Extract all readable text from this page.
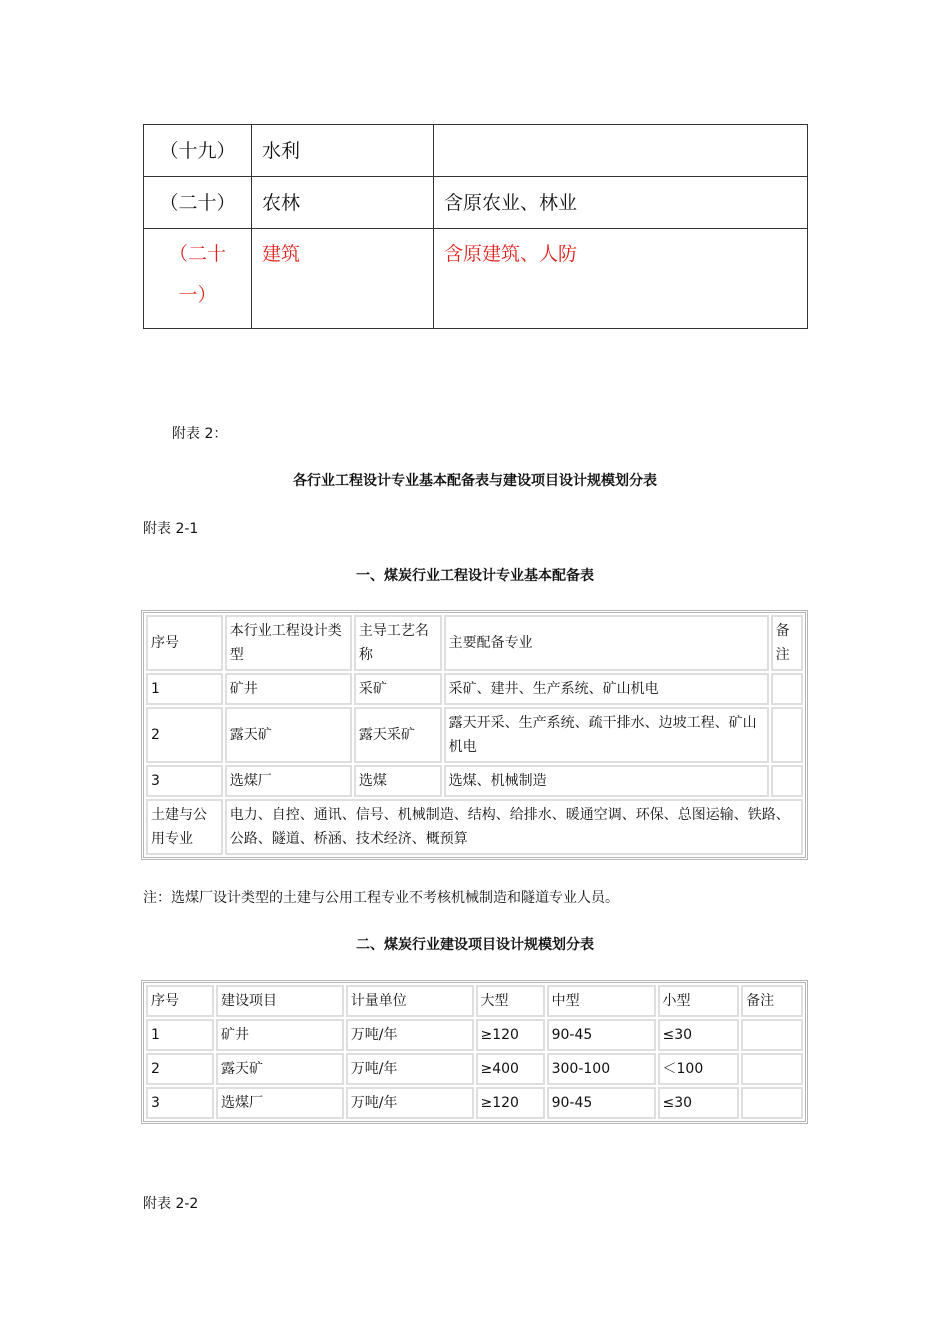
（十九）	水利	
（二十）	农林	含原农业、林业
（二十
一）	建筑	含原建筑、人防
附表 2：
各行业工程设计专业基本配备表与建设项目设计规模划分表
附表 2-1
一、煤炭行业工程设计专业基本配备表
序号	本行业工程设计类型	主导工艺名称	主要配备专业	备注
1	矿井	采矿	采矿、建井、生产系统、矿山机电	
2	露天矿	露天采矿	露天开采、生产系统、疏干排水、边坡工程、矿山机电	
3	选煤厂	选煤	选煤、机械制造	
土建与公用专业	电力、自控、通讯、信号、机械制造、结构、给排水、暖通空调、环保、总图运输、铁路、公路、隧道、桥涵、技术经济、概预算			
注：选煤厂设计类型的土建与公用工程专业不考核机械制造和隧道专业人员。
二、煤炭行业建设项目设计规模划分表
序号	建设项目	计量单位	大型	中型	小型	备注
1	矿井	万吨/年	≥120	90-45	≤30	
2	露天矿	万吨/年	≥400	300-100	＜100	
3	选煤厂	万吨/年	≥120	90-45	≤30	
附表 2-2
